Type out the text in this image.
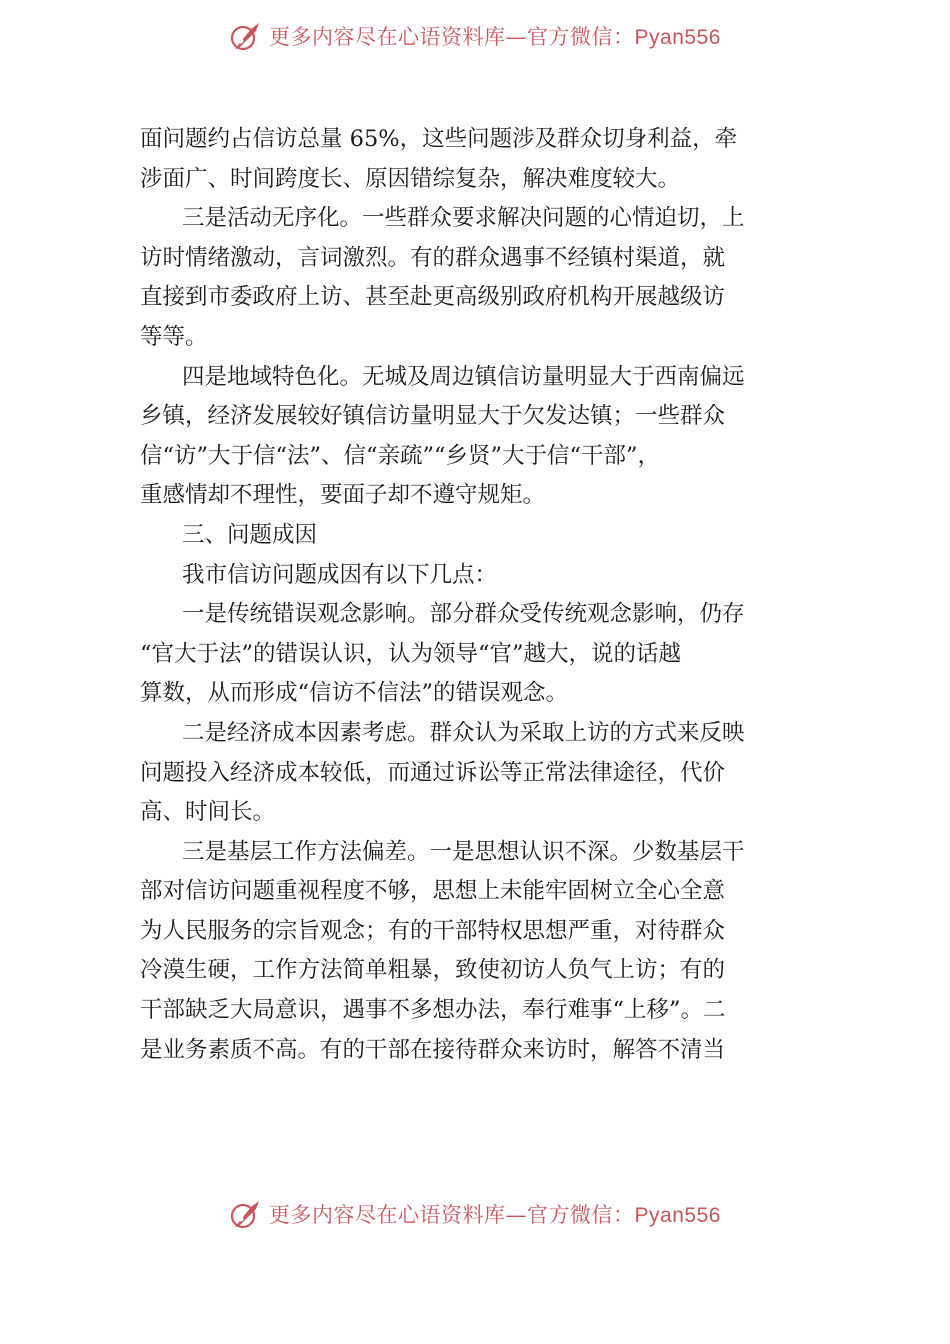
更多内容尽在心语资料库—官方微信：Pyan556
面问题约占信访总量 65%，这些问题涉及群众切身利益，牵
涉面广、时间跨度长、原因错综复杂，解决难度较大。
三是活动无序化。一些群众要求解决问题的心情迫切，上
访时情绪激动，言词激烈。有的群众遇事不经镇村渠道，就
直接到市委政府上访、甚至赴更高级别政府机构开展越级访
等等。
四是地域特色化。无城及周边镇信访量明显大于西南偏远
乡镇，经济发展较好镇信访量明显大于欠发达镇；一些群众
信“访”大于信“法”、信“亲疏”“乡贤”大于信“干部”，
重感情却不理性，要面子却不遵守规矩。
三、问题成因
我市信访问题成因有以下几点：
一是传统错误观念影响。部分群众受传统观念影响，仍存
“官大于法”的错误认识，认为领导“官”越大，说的话越
算数，从而形成“信访不信法”的错误观念。
二是经济成本因素考虑。群众认为采取上访的方式来反映
问题投入经济成本较低，而通过诉讼等正常法律途径，代价
高、时间长。
三是基层工作方法偏差。一是思想认识不深。少数基层干
部对信访问题重视程度不够，思想上未能牢固树立全心全意
为人民服务的宗旨观念；有的干部特权思想严重，对待群众
冷漠生硬，工作方法简单粗暴，致使初访人负气上访；有的
干部缺乏大局意识，遇事不多想办法，奉行难事“上移”。二
是业务素质不高。有的干部在接待群众来访时，解答不清当
更多内容尽在心语资料库—官方微信：Pyan556
